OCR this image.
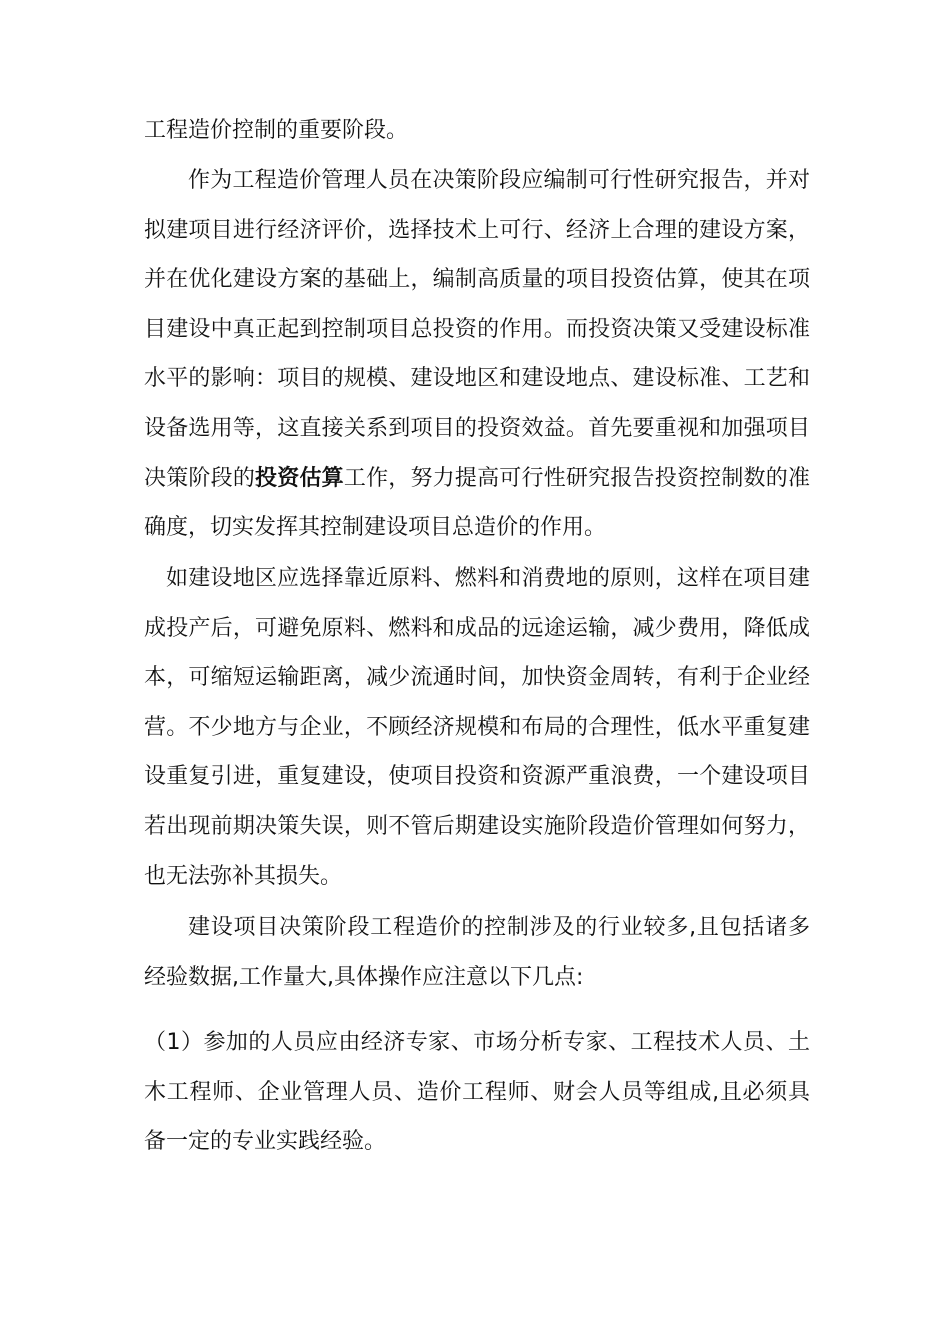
工程造价控制的重要阶段。

作为工程造价管理人员在决策阶段应编制可行性研究报告，并对拟建项目进行经济评价，选择技术上可行、经济上合理的建设方案，并在优化建设方案的基础上，编制高质量的项目投资估算，使其在项目建设中真正起到控制项目总投资的作用。而投资决策又受建设标准水平的影响：项目的规模、建设地区和建设地点、建设标准、工艺和设备选用等，这直接关系到项目的投资效益。首先要重视和加强项目决策阶段的投资估算工作，努力提高可行性研究报告投资控制数的准确度，切实发挥其控制建设项目总造价的作用。

如建设地区应选择靠近原料、燃料和消费地的原则，这样在项目建成投产后，可避免原料、燃料和成品的远途运输，减少费用，降低成本，可缩短运输距离，减少流通时间，加快资金周转，有利于企业经营。不少地方与企业，不顾经济规模和布局的合理性，低水平重复建设重复引进，重复建设，使项目投资和资源严重浪费，一个建设项目若出现前期决策失误，则不管后期建设实施阶段造价管理如何努力，也无法弥补其损失。

建设项目决策阶段工程造价的控制涉及的行业较多,且包括诸多经验数据,工作量大,具体操作应注意以下几点:

（1）参加的人员应由经济专家、市场分析专家、工程技术人员、土木工程师、企业管理人员、造价工程师、财会人员等组成,且必须具备一定的专业实践经验。
